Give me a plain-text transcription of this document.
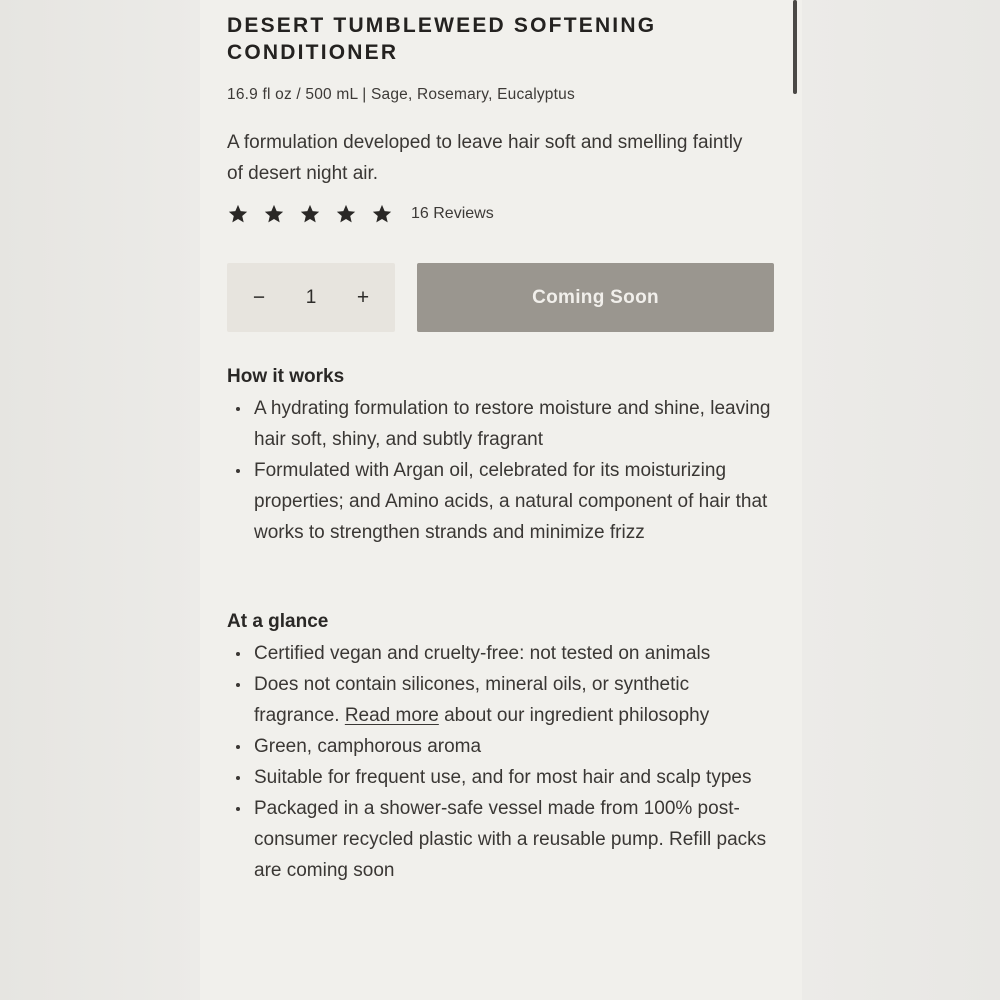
DESERT TUMBLEWEED SOFTENING CONDITIONER
16.9 fl oz / 500 mL | Sage, Rosemary, Eucalyptus

A formulation developed to leave hair soft and smelling faintly of desert night air.

16 Reviews
−	1	+	Coming Soon
How it works
A hydrating formulation to restore moisture and shine, leaving hair soft, shiny, and subtly fragrant
Formulated with Argan oil, celebrated for its moisturizing properties; and Amino acids, a natural component of hair that works to strengthen strands and minimize frizz
At a glance
Certified vegan and cruelty-free: not tested on animals
Does not contain silicones, mineral oils, or synthetic fragrance. Read more about our ingredient philosophy
Green, camphorous aroma
Suitable for frequent use, and for most hair and scalp types
Packaged in a shower-safe vessel made from 100% post-consumer recycled plastic with a reusable pump. Refill packs are coming soon
